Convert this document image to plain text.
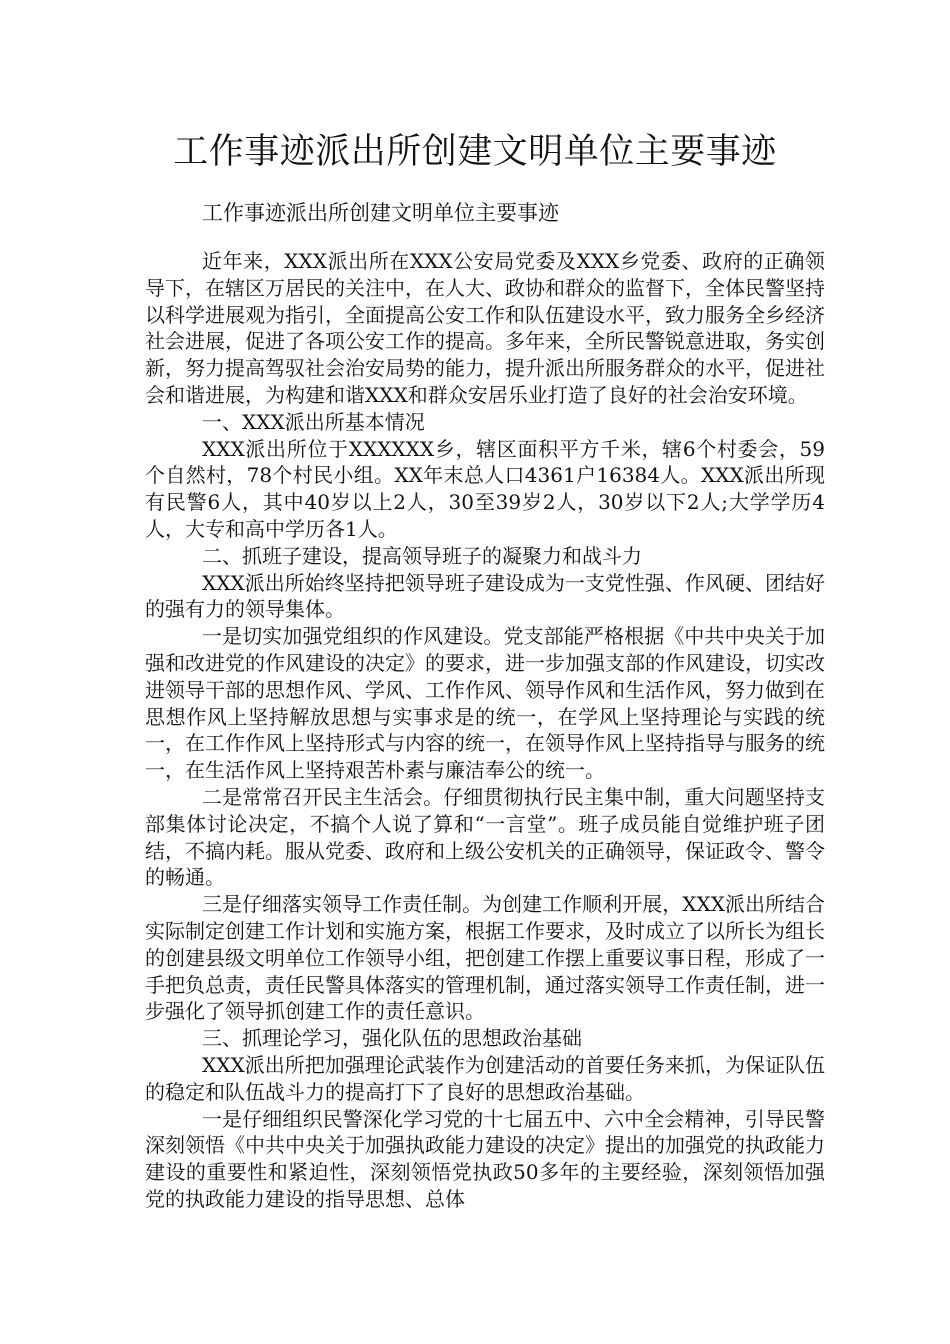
工作事迹派出所创建文明单位主要事迹
工作事迹派出所创建文明单位主要事迹

近年来，XXX派出所在XXX公安局党委及XXX乡党委、政府的正确领导下，在辖区万居民的关注中，在人大、政协和群众的监督下，全体民警坚持以科学进展观为指引，全面提高公安工作和队伍建设水平，致力服务全乡经济社会进展，促进了各项公安工作的提高。多年来，全所民警锐意进取，务实创新，努力提高驾驭社会治安局势的能力，提升派出所服务群众的水平，促进社会和谐进展，为构建和谐XXX和群众安居乐业打造了良好的社会治安环境。

一、XXX派出所基本情况

XXX派出所位于XXXXXX乡，辖区面积平方千米，辖6个村委会，59个自然村，78个村民小组。XX年末总人口4361户16384人。XXX派出所现有民警6人，其中40岁以上2人，30至39岁2人，30岁以下2人;大学学历4人，大专和高中学历各1人。

二、抓班子建设，提高领导班子的凝聚力和战斗力

XXX派出所始终坚持把领导班子建设成为一支党性强、作风硬、团结好的强有力的领导集体。

一是切实加强党组织的作风建设。党支部能严格根据《中共中央关于加强和改进党的作风建设的决定》的要求，进一步加强支部的作风建设，切实改进领导干部的思想作风、学风、工作作风、领导作风和生活作风，努力做到在思想作风上坚持解放思想与实事求是的统一，在学风上坚持理论与实践的统一，在工作作风上坚持形式与内容的统一，在领导作风上坚持指导与服务的统一，在生活作风上坚持艰苦朴素与廉洁奉公的统一。

二是常常召开民主生活会。仔细贯彻执行民主集中制，重大问题坚持支部集体讨论决定，不搞个人说了算和“一言堂”。班子成员能自觉维护班子团结，不搞内耗。服从党委、政府和上级公安机关的正确领导，保证政令、警令的畅通。

三是仔细落实领导工作责任制。为创建工作顺利开展，XXX派出所结合实际制定创建工作计划和实施方案，根据工作要求，及时成立了以所长为组长的创建县级文明单位工作领导小组，把创建工作摆上重要议事日程，形成了一手把负总责，责任民警具体落实的管理机制，通过落实领导工作责任制，进一步强化了领导抓创建工作的责任意识。

三、抓理论学习，强化队伍的思想政治基础

XXX派出所把加强理论武装作为创建活动的首要任务来抓，为保证队伍的稳定和队伍战斗力的提高打下了良好的思想政治基础。

一是仔细组织民警深化学习党的十七届五中、六中全会精神，引导民警深刻领悟《中共中央关于加强执政能力建设的决定》提出的加强党的执政能力建设的重要性和紧迫性，深刻领悟党执政50多年的主要经验，深刻领悟加强党的执政能力建设的指导思想、总体
